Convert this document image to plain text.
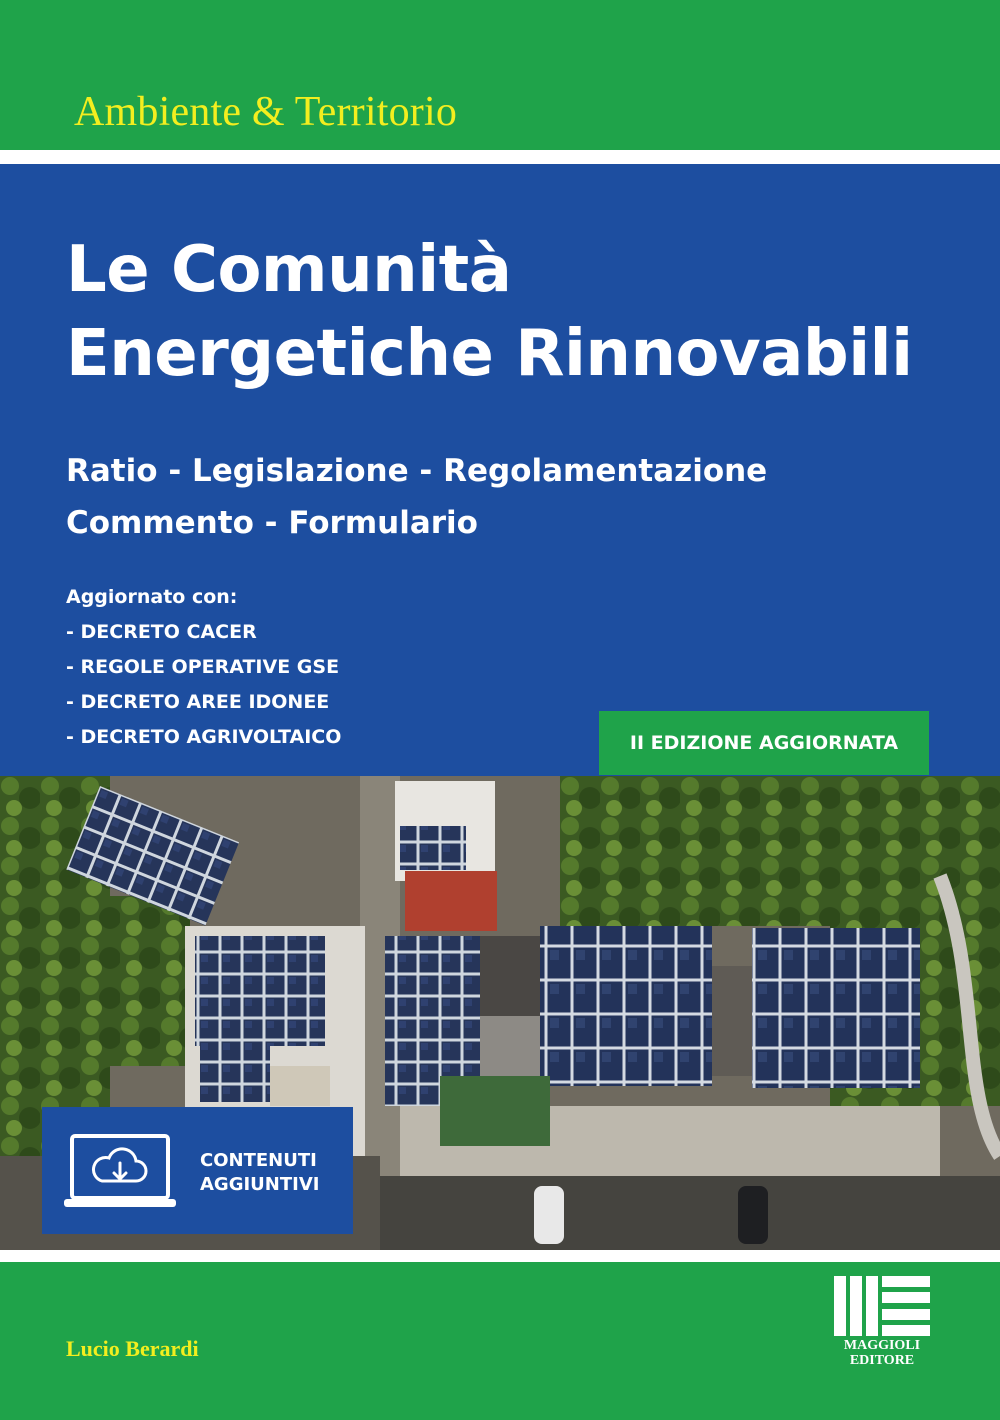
Ambiente & Territorio
Le Comunità
Energetiche Rinnovabili
Ratio - Legislazione - Regolamentazione
Commento - Formulario
Aggiornato con:
- DECRETO CACER
- REGOLE OPERATIVE GSE
- DECRETO AREE IDONEE
- DECRETO AGRIVOLTAICO	II EDIZIONE AGGIORNATA
CONTENUTI
AGGIUNTIVI
Lucio Berardi	MAGGIOLI
EDITORE
